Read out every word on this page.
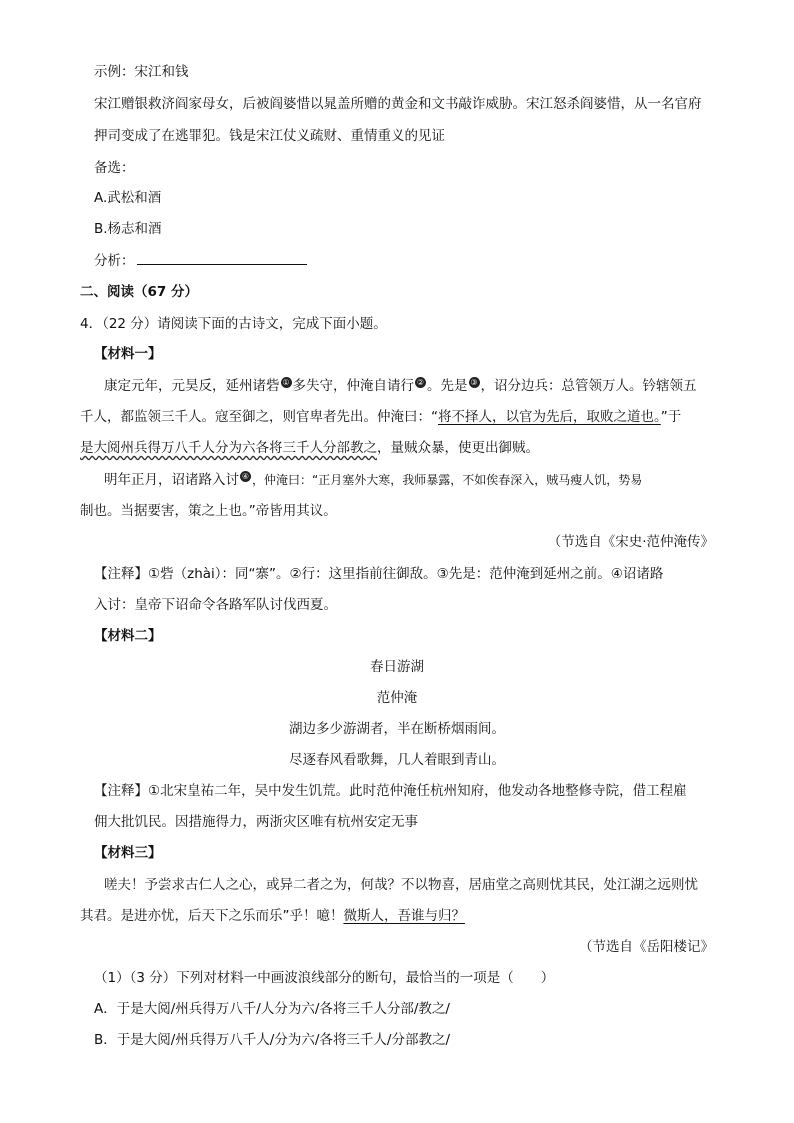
示例：宋江和钱
宋江赠银救济阎家母女，后被阎婆惜以晁盖所赠的黄金和文书敲诈威胁。宋江怒杀阎婆惜，从一名官府
押司变成了在逃罪犯。钱是宋江仗义疏财、重情重义的见证
备选：
A.武松和酒
B.杨志和酒
分析：
二、阅读（67 分）
4．（22 分）请阅读下面的古诗文，完成下面小题。
【材料一】
康定元年，元昊反，延州诸砦 ① 多失守，仲淹自请行 ② 。先是 ③ ，诏分边兵：总管领万人。钤辖领五
千人，都监领三千人。寇至御之，则官卑者先出。仲淹曰：“将不择人，以官为先后，取败之道也。”于
是大阅州兵得万八千人分为六各将三千人分部教之，量贼众暴，使更出御贼。
明年正月，诏诸路入讨 ④ ，仲淹曰：“正月塞外大寒，我师暴露，不如俟春深入，贼马瘦人饥，势易
制也。当据要害，策之上也。”帝皆用其议。
（节选自《宋史·范仲淹传》
【注释】①砦（zhài）：同“寨”。②行：这里指前往御敌。③先是：范仲淹到延州之前。④诏诸路
入讨：皇帝下诏命令各路军队讨伐西夏。
【材料二】
春日游湖
范仲淹
湖边多少游湖者，半在断桥烟雨间。
尽逐春风看歌舞，几人着眼到青山。
【注释】①北宋皇祐二年，吴中发生饥荒。此时范仲淹任杭州知府，他发动各地整修寺院，借工程雇
佣大批饥民。因措施得力，两浙灾区唯有杭州安定无事
【材料三】
嗟夫！予尝求古仁人之心，或异二者之为，何哉？不以物喜，居庙堂之高则忧其民，处江湖之远则忧
其君。是进亦忧，后天下之乐而乐”乎！噫！微斯人，吾谁与归？
（节选自《岳阳楼记》
（1）（3 分）下列对材料一中画波浪线部分的断句，最恰当的一项是（　　）
A．于是大阅/州兵得万八千/人分为六/各将三千人分部/教之/
B．于是大阅/州兵得万八千人/分为六/各将三千人/分部教之/
